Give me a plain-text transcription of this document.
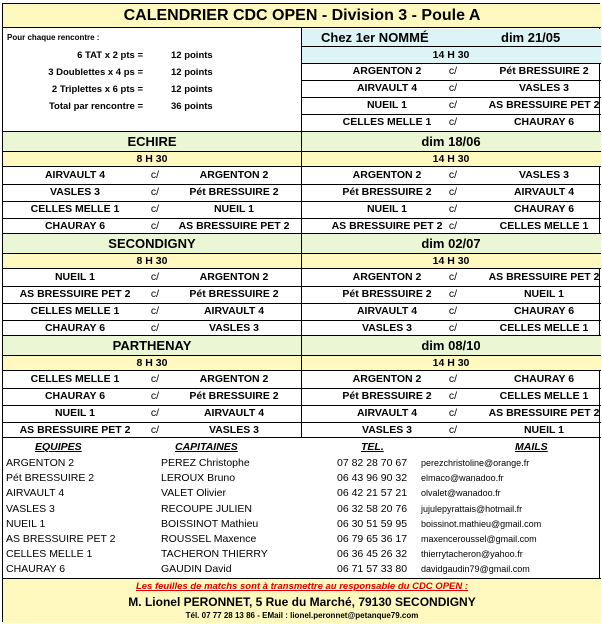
CALENDRIER CDC OPEN - Division 3 - Poule A
Pour chaque rencontre :
6 TAT x 2 pts =	12 points
3 Doublettes x 4 ps =	12 points
2 Triplettes x 6 pts =	12 points
Total par rencontre =	36 points
Chez 1er NOMMÉ	dim 21/05
14 H 30
ARGENTON 2	c/	Pét BRESSUIRE 2
AIRVAULT 4	c/	VASLES 3
NUEIL 1	c/	AS BRESSUIRE PET 2
CELLES MELLE 1	c/	CHAURAY 6
ECHIRE	dim 18/06
8 H 30	14 H 30
AIRVAULT 4	c/	ARGENTON 2	ARGENTON 2	c/	VASLES 3
VASLES 3	c/	Pét BRESSUIRE 2	Pét BRESSUIRE 2	c/	AIRVAULT 4
CELLES MELLE 1	c/	NUEIL 1	NUEIL 1	c/	CHAURAY 6
CHAURAY 6	c/	AS BRESSUIRE PET 2	AS BRESSUIRE PET 2 c/	CELLES MELLE 1
SECONDIGNY	dim 02/07
8 H 30	14 H 30
NUEIL 1	c/	ARGENTON 2	ARGENTON 2	c/	AS BRESSUIRE PET 2
AS BRESSUIRE PET 2	c/	Pét BRESSUIRE 2	Pét BRESSUIRE 2	c/	NUEIL 1
CELLES MELLE 1	c/	AIRVAULT 4	AIRVAULT 4	c/	CHAURAY 6
CHAURAY 6	c/	VASLES 3	VASLES 3	c/	CELLES MELLE 1
PARTHENAY	dim 08/10
8 H 30	14 H 30
CELLES MELLE 1	c/	ARGENTON 2	ARGENTON 2	c/	CHAURAY 6
CHAURAY 6	c/	Pét BRESSUIRE 2	Pét BRESSUIRE 2	c/	CELLES MELLE 1
NUEIL 1	c/	AIRVAULT 4	AIRVAULT 4	c/	AS BRESSUIRE PET 2
AS BRESSUIRE PET 2	c/	VASLES 3	VASLES 3	c/	NUEIL 1
EQUIPES	CAPITAINES	TEL.	MAILS
ARGENTON 2	PEREZ Christophe	07 82 28 70 67 perezchristoline@orange.fr
Pét BRESSUIRE 2	LEROUX Bruno	06 43 96 90 32 elmaco@wanadoo.fr
AIRVAULT 4	VALET Olivier	06 42 21 57 21 olvalet@wanadoo.fr
VASLES 3	RECOUPE JULIEN	06 32 58 20 76 jujulepyrattais@hotmail.fr
NUEIL 1	BOISSINOT Mathieu	06 30 51 59 95 boissinot.mathieu@gmail.com
AS BRESSUIRE PET 2	ROUSSEL Maxence	06 79 65 36 17 maxenceroussel@gmail.com
CELLES MELLE 1	TACHERON THIERRY	06 36 45 26 32 thierrytacheron@yahoo.fr
CHAURAY 6	GAUDIN David	06 71 57 33 80 davidgaudin79@gmail.com
Les feuilles de matchs sont à transmettre au responsable du CDC OPEN :
M. Lionel PERONNET, 5 Rue du Marché, 79130 SECONDIGNY
Tél. 07 77 28 13 86 - EMail : lionel.peronnet@petanque79.com
